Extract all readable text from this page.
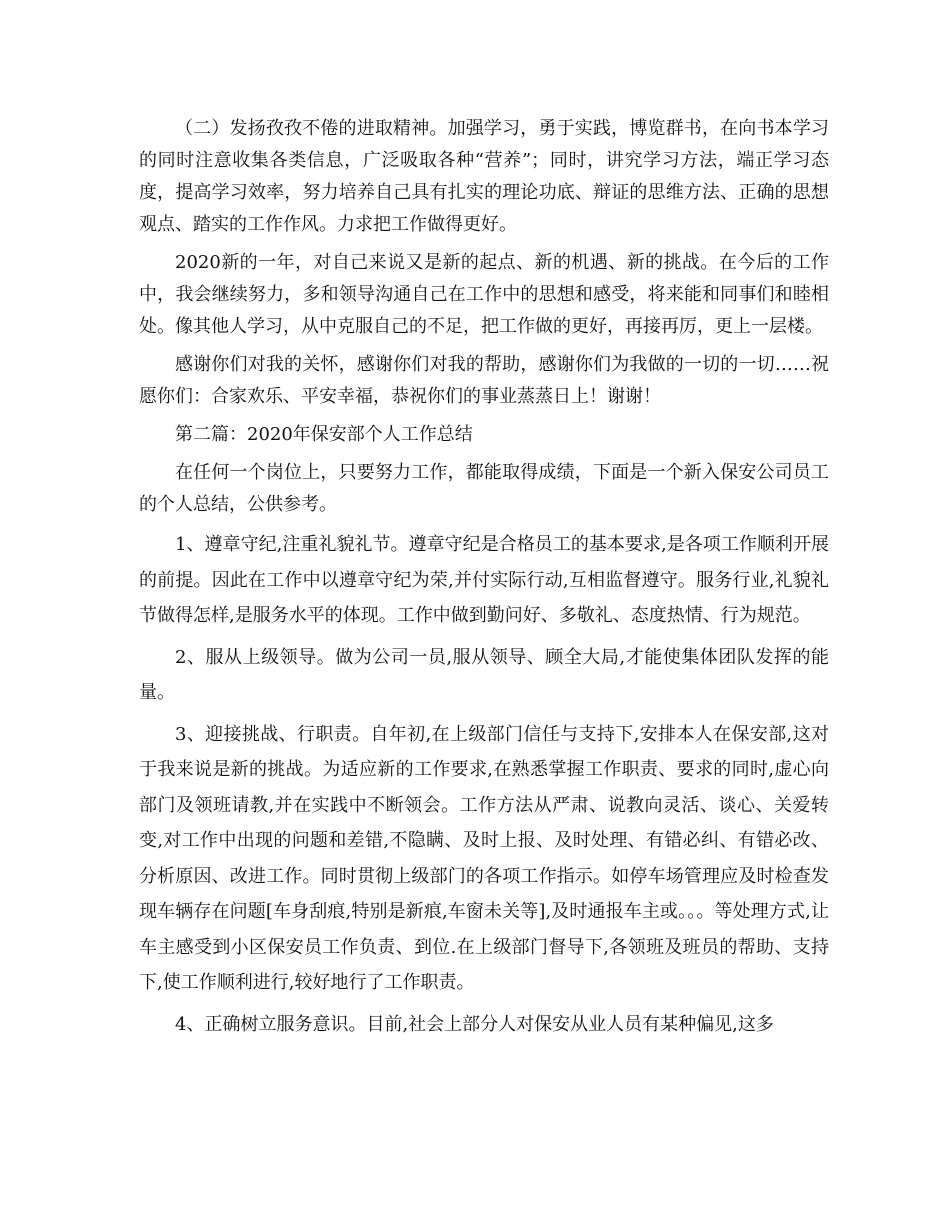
（二）发扬孜孜不倦的进取精神。加强学习，勇于实践，博览群书，在向书本学习的同时注意收集各类信息，广泛吸取各种“营养”；同时，讲究学习方法，端正学习态度，提高学习效率，努力培养自己具有扎实的理论功底、辩证的思维方法、正确的思想观点、踏实的工作作风。力求把工作做得更好。

2020新的一年，对自己来说又是新的起点、新的机遇、新的挑战。在今后的工作中，我会继续努力，多和领导沟通自己在工作中的思想和感受，将来能和同事们和睦相处。像其他人学习，从中克服自己的不足，把工作做的更好，再接再厉，更上一层楼。

感谢你们对我的关怀，感谢你们对我的帮助，感谢你们为我做的一切的一切……祝愿你们：合家欢乐、平安幸福，恭祝你们的事业蒸蒸日上！谢谢！

第二篇：2020年保安部个人工作总结

在任何一个岗位上，只要努力工作，都能取得成绩，下面是一个新入保安公司员工的个人总结，公供参考。

1、遵章守纪,注重礼貌礼节。遵章守纪是合格员工的基本要求,是各项工作顺利开展的前提。因此在工作中以遵章守纪为荣,并付实际行动,互相监督遵守。服务行业,礼貌礼节做得怎样,是服务水平的体现。工作中做到勤问好、多敬礼、态度热情、行为规范。

2、服从上级领导。做为公司一员,服从领导、顾全大局,才能使集体团队发挥的能量。

3、迎接挑战、行职责。自年初,在上级部门信任与支持下,安排本人在保安部,这对于我来说是新的挑战。为适应新的工作要求,在熟悉掌握工作职责、要求的同时,虚心向部门及领班请教,并在实践中不断领会。工作方法从严肃、说教向灵活、谈心、关爱转变,对工作中出现的问题和差错,不隐瞒、及时上报、及时处理、有错必纠、有错必改、分析原因、改进工作。同时贯彻上级部门的各项工作指示。如停车场管理应及时检查发现车辆存在问题[车身刮痕,特别是新痕,车窗未关等],及时通报车主或。。。等处理方式,让车主感受到小区保安员工作负责、到位.在上级部门督导下,各领班及班员的帮助、支持下,使工作顺利进行,较好地行了工作职责。

4、正确树立服务意识。目前,社会上部分人对保安从业人员有某种偏见,这多
